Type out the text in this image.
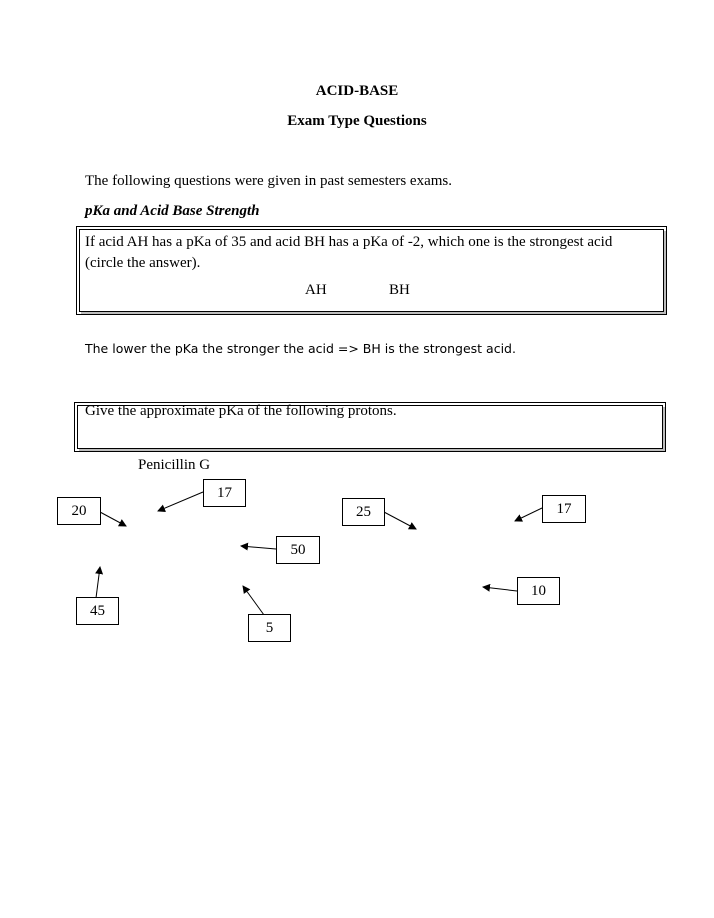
ACID-BASE
Exam Type Questions
The following questions were given in past semesters exams.
pKa and Acid Base Strength
If acid AH has a pKa of 35 and acid BH has a pKa of -2, which one is the strongest acid (circle the answer).
AH	BH
The lower the pKa the stronger the acid => BH is the strongest acid.
Give the approximate pKa of the following protons.
Penicillin G
17
20	25	17
50
10
45
5
